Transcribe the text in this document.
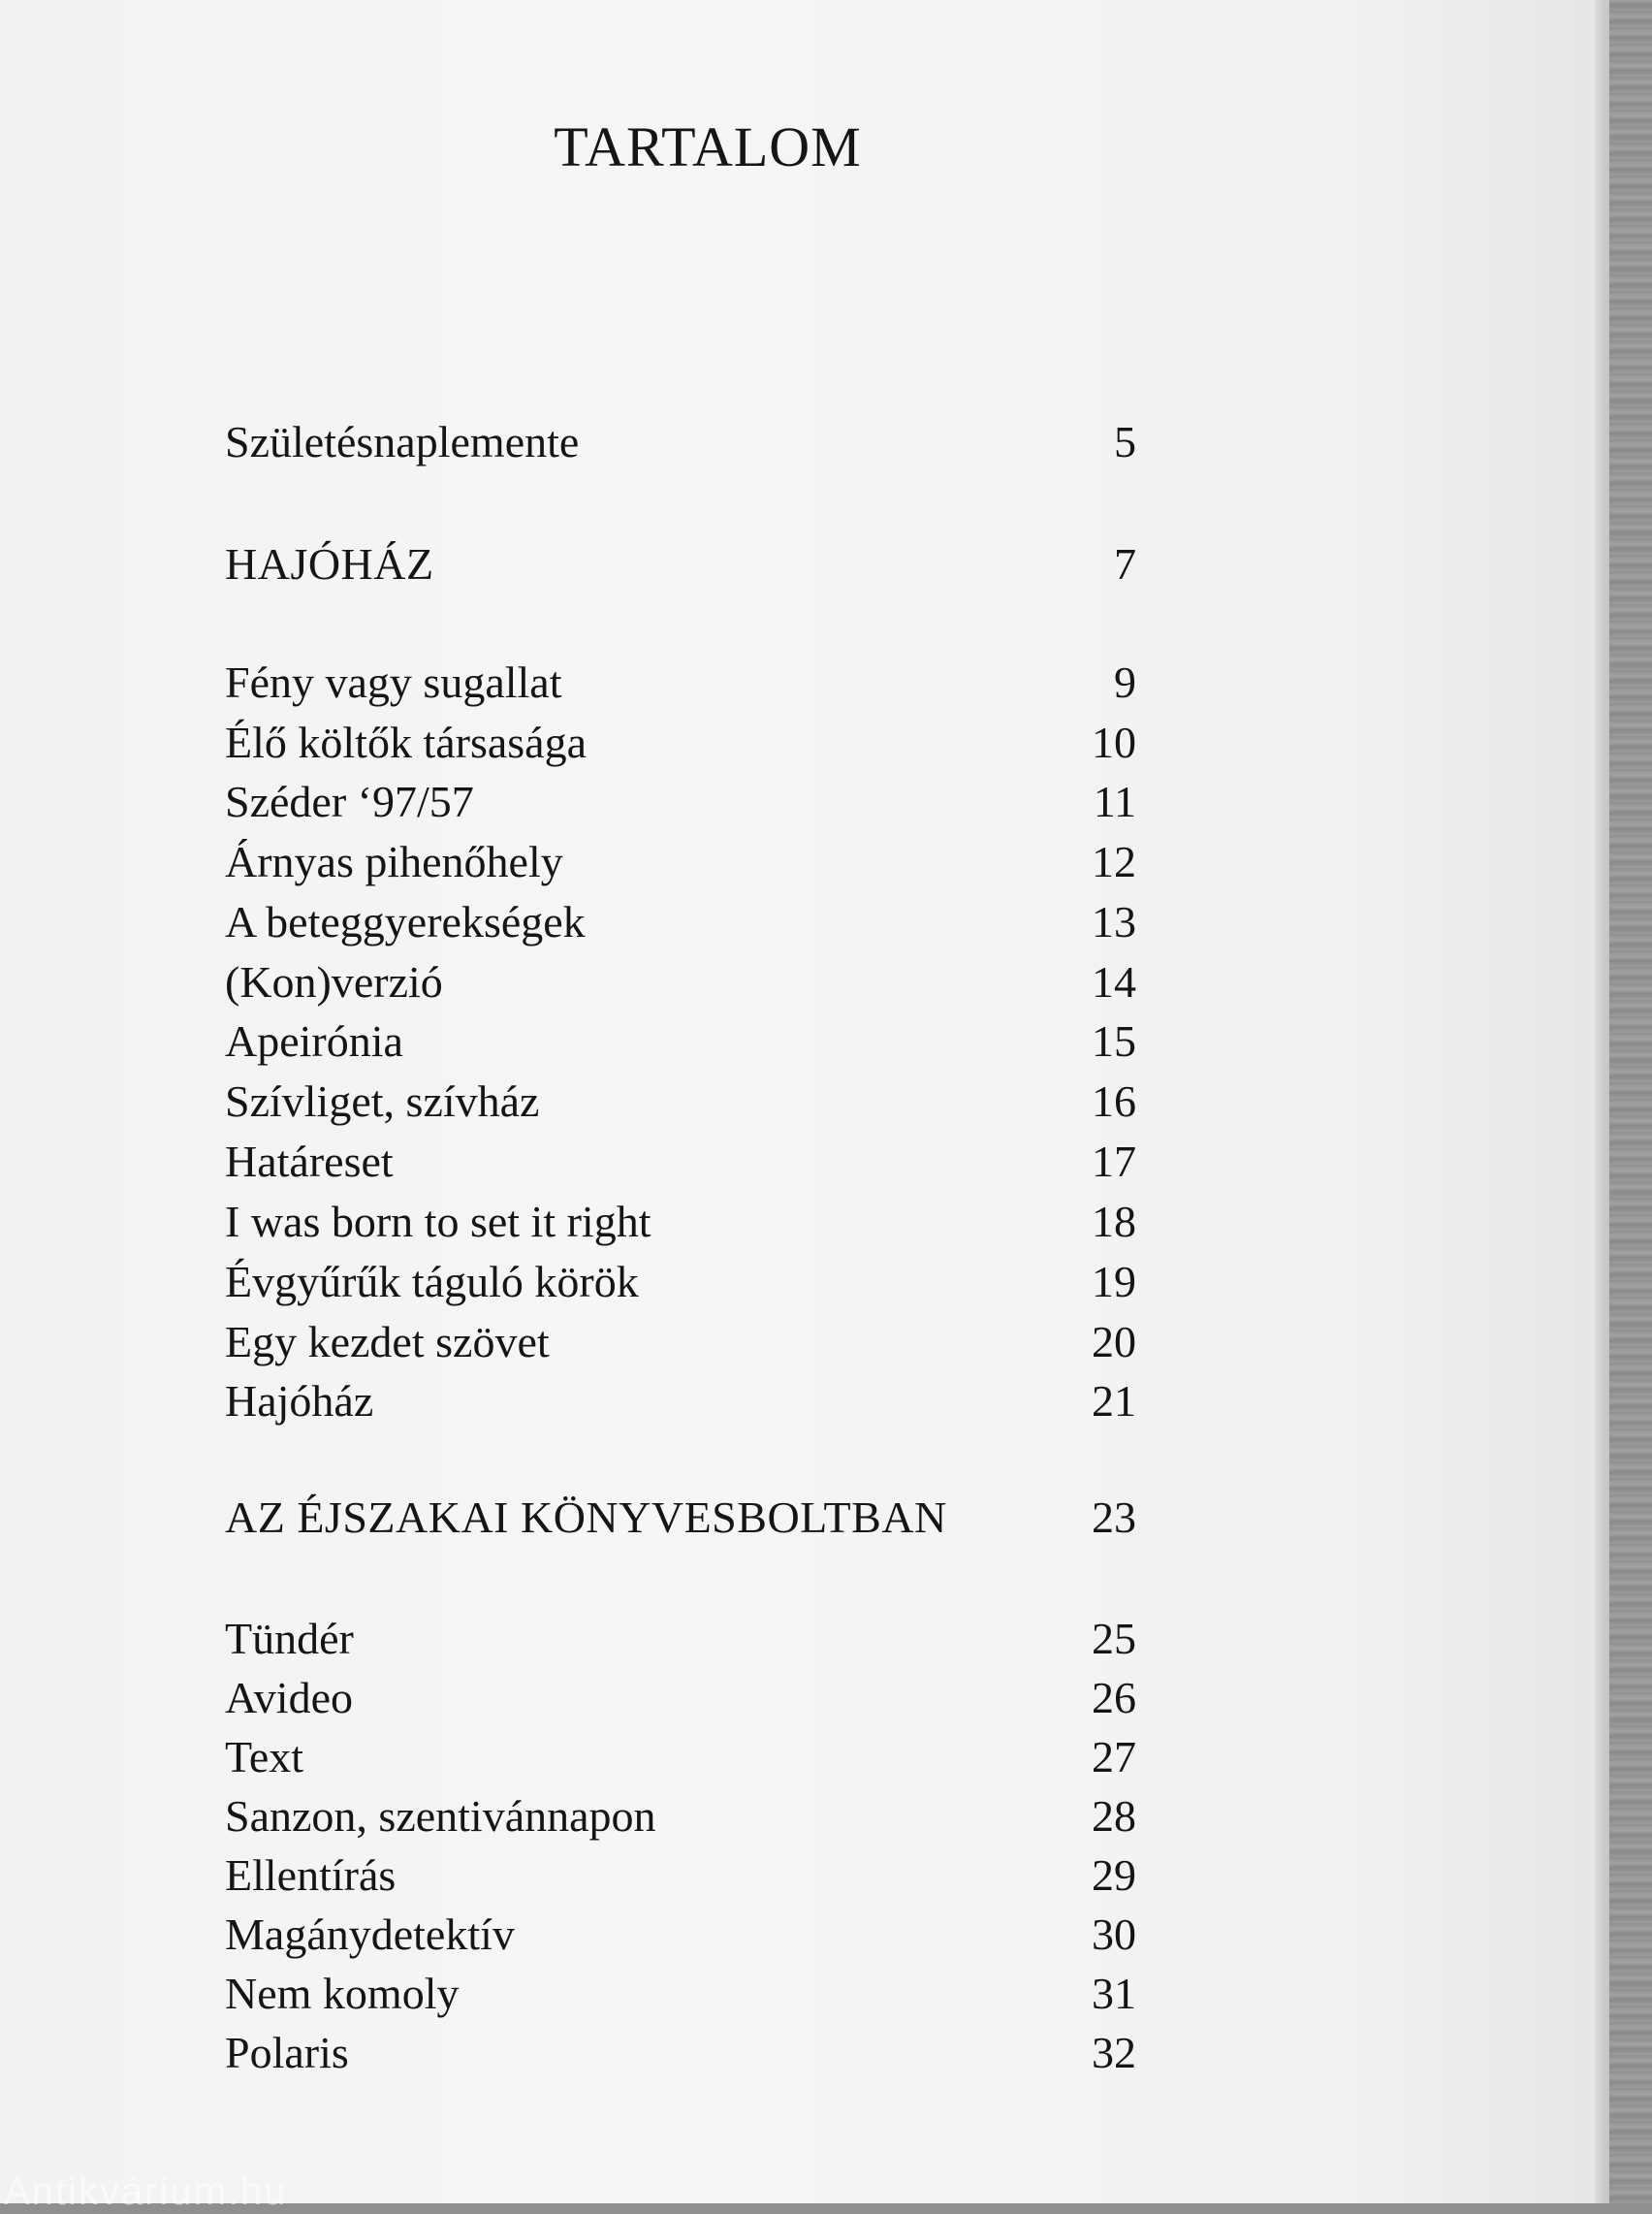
TARTALOM
Születésnaplemente	5
HAJÓHÁZ	7
Fény vagy sugallat	9
Élő költők társasága	10
Széder ‘97/57	11
Árnyas pihenőhely	12
A beteggyerekségek	13
(Kon)verzió	14
Apeirónia	15
Szívliget, szívház	16
Határeset	17
I was born to set it right	18
Évgyűrűk táguló körök	19
Egy kezdet szövet	20
Hajóház	21
AZ ÉJSZAKAI KÖNYVESBOLTBAN	23
Tündér	25
Avideo	26
Text	27
Sanzon, szentivánnapon	28
Ellentírás	29
Magánydetektív	30
Nem komoly	31
Polaris	32
Antikvárium.hu
